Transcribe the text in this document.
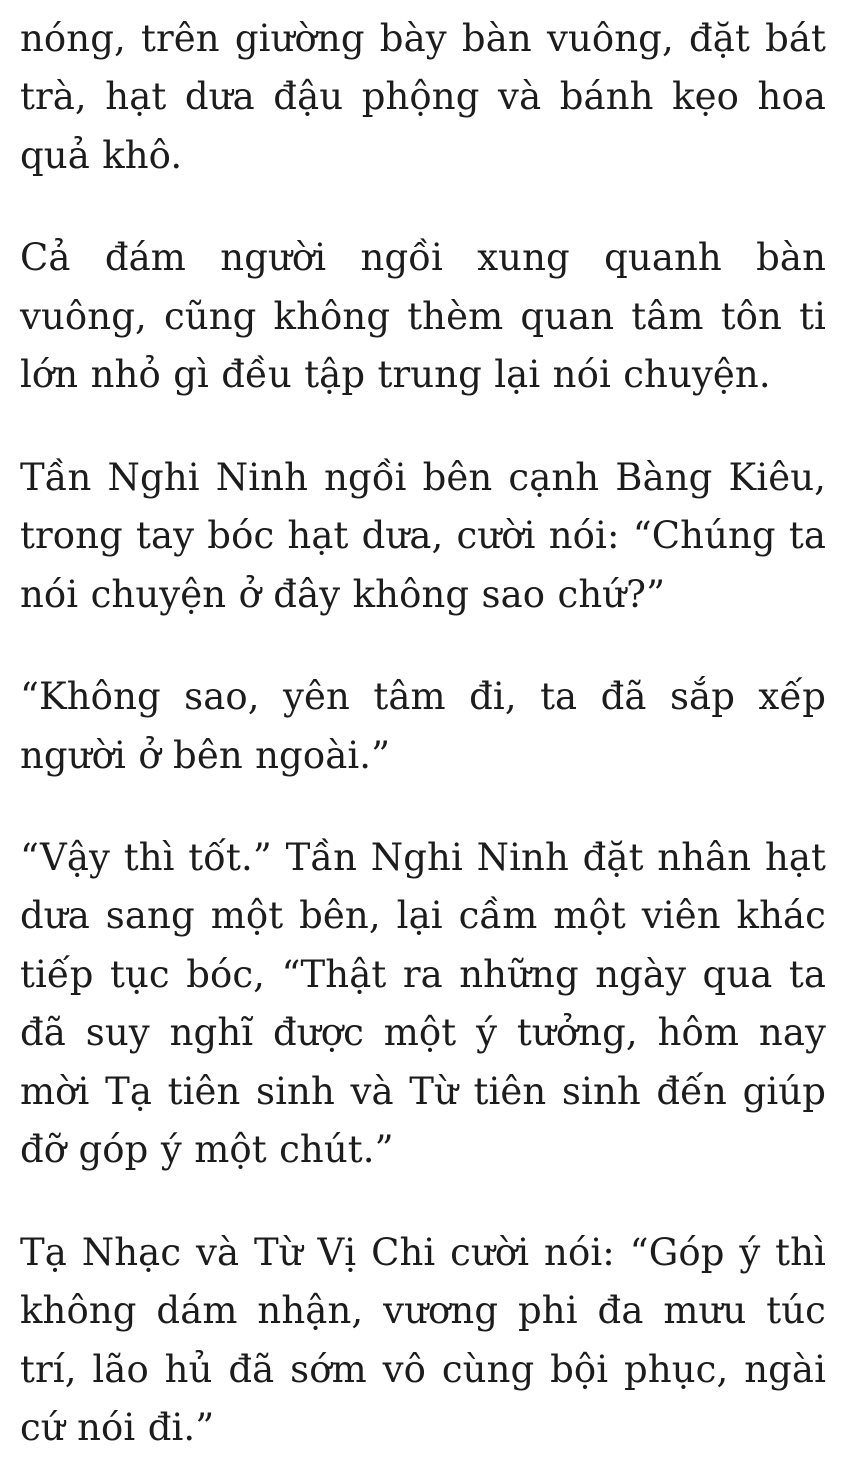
nóng, trên giường bày bàn vuông, đặt bát trà, hạt dưa đậu phộng và bánh kẹo hoa quả khô.

Cả đám người ngồi xung quanh bàn vuông, cũng không thèm quan tâm tôn ti lớn nhỏ gì đều tập trung lại nói chuyện.

Tần Nghi Ninh ngồi bên cạnh Bàng Kiêu, trong tay bóc hạt dưa, cười nói: “Chúng ta nói chuyện ở đây không sao chứ?”

“Không sao, yên tâm đi, ta đã sắp xếp người ở bên ngoài.”

“Vậy thì tốt.” Tần Nghi Ninh đặt nhân hạt dưa sang một bên, lại cầm một viên khác tiếp tục bóc, “Thật ra những ngày qua ta đã suy nghĩ được một ý tưởng, hôm nay mời Tạ tiên sinh và Từ tiên sinh đến giúp đỡ góp ý một chút.”

Tạ Nhạc và Từ Vị Chi cười nói: “Góp ý thì không dám nhận, vương phi đa mưu túc trí, lão hủ đã sớm vô cùng bội phục, ngài cứ nói đi.”
